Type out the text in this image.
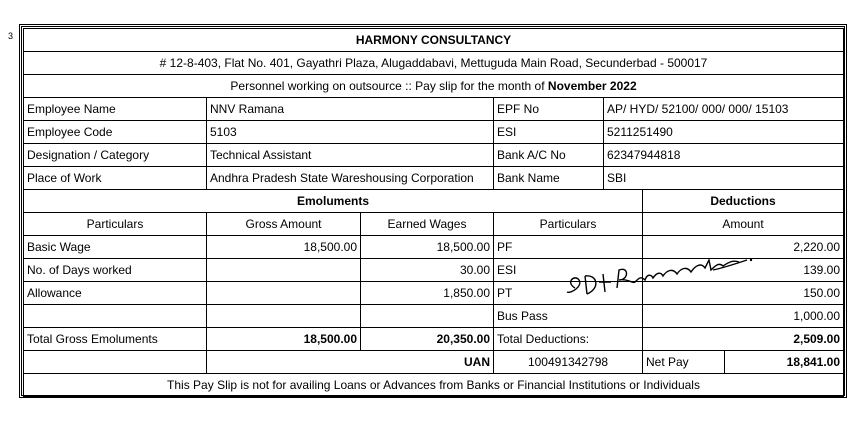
3	HARMONY CONSULTANCY						
# 12-8-403, Flat No. 401, Gayathri Plaza, Alugaddabavi, Mettuguda Main Road, Secunderbad - 500017						
Personnel working on outsource :: Pay slip for the month of November 2022						
Employee Name	NNV Ramana		EPF No	AP/ HYD/ 52100/ 000/ 000/ 15103		
Employee Code	5103		ESI	5211251490		
Designation / Category	Technical Assistant		Bank A/C No	62347944818		
Place of Work	Andhra Pradesh State Wareshousing Corporation		Bank Name	SBI		
Emoluments					Deductions	
Particulars	Gross Amount	Earned Wages	Particulars		Amount	
Basic Wage	18,500.00	18,500.00	PF		2,220.00	
No. of Days worked		30.00	ESI		139.00	
Allowance		1,850.00	PT		150.00	
			Bus Pass		1,000.00	
Total Gross Emoluments	18,500.00	20,350.00	Total Deductions:		2,509.00	
	UAN		100491342798		Net Pay	18,841.00
This Pay Slip is not for availing Loans or Advances from Banks or Financial Institutions or Individuals						
